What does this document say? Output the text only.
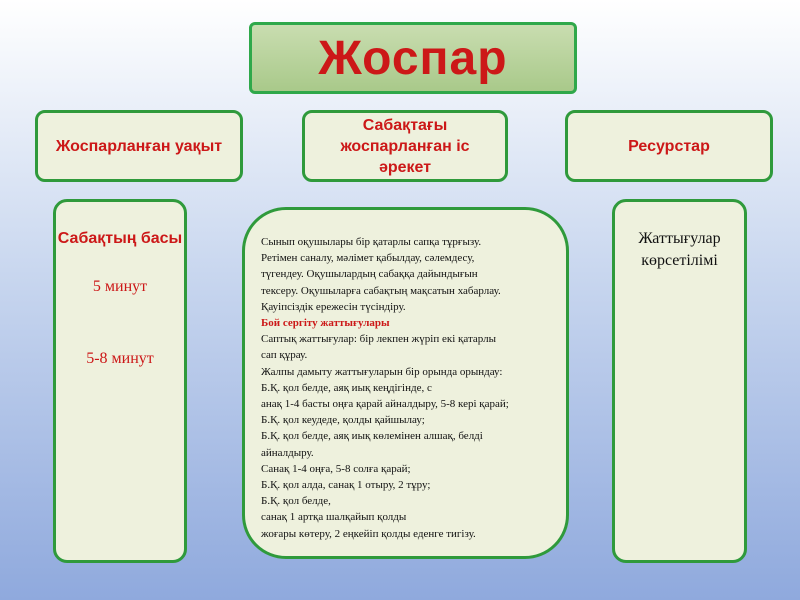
Жоспар
Жоспарланған уақыт
Сабақтағы жоспарланған іс әрекет
Ресурстар
Сабақтың басы
5 минут
5-8 минут
Сынып оқушылары бір қатарлы сапқа тұрғызу.
Ретімен саналу, мәлімет қабылдау, сәлемдесу,
түгендеу. Оқушылардың сабаққа дайындығын
тексеру. Оқушыларға сабақтың мақсатын хабарлау.
Қауіпсіздік ережесін түсіндіру.
Бой сергіту жаттығулары
Саптық жаттығулар: бір лекпен жүріп екі қатарлы
сап құрау.
Жалпы дамыту жаттығуларын бір орында орындау:
Б.Қ. қол белде, аяқ иық кеңдігінде, с
анақ 1-4 басты оңға қарай айналдыру, 5-8 кері қарай;
Б.Қ. қол кеудеде, қолды қайшылау;
Б.Қ. қол белде, аяқ иық көлемінен алшақ, белді
айналдыру.
Санақ 1-4 оңға, 5-8 солға қарай;
Б.Қ. қол алда, санақ 1 отыру, 2 тұру;
Б.Қ. қол белде,
санақ 1 артқа шалқайып қолды
жоғары көтеру, 2 еңкейіп қолды еденге тигізу.
Жаттығулар көрсетілімі
